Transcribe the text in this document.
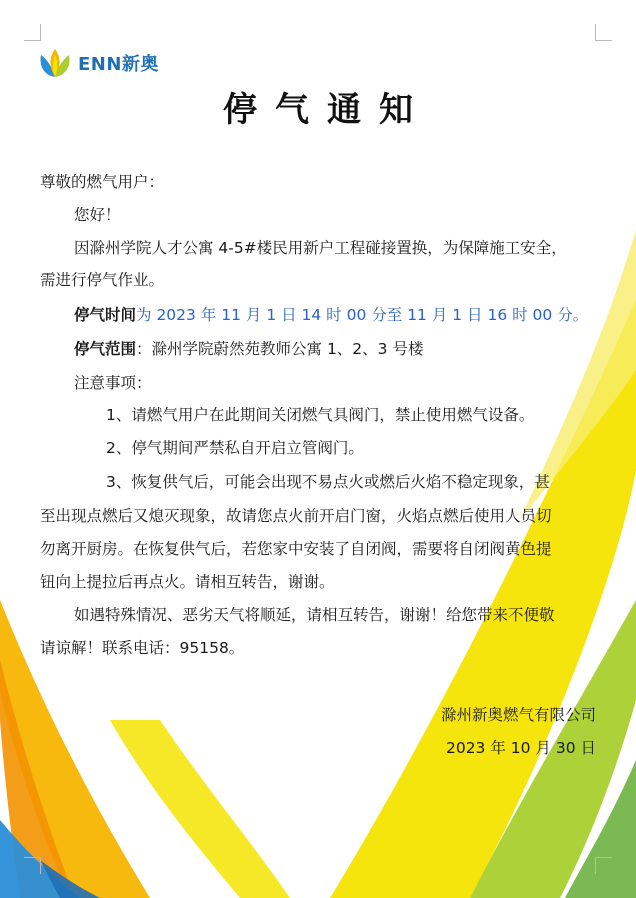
ENN新奥
停气通知
尊敬的燃气用户：
您好！
因滁州学院人才公寓 4-5#楼民用新户工程碰接置换，为保障施工安全，
需进行停气作业。
停气时间为 2023 年 11 月 1 日 14 时 00 分至 11 月 1 日 16 时 00 分。
停气范围：滁州学院蔚然苑教师公寓 1、2、3 号楼
注意事项：
1、请燃气用户在此期间关闭燃气具阀门，禁止使用燃气设备。
2、停气期间严禁私自开启立管阀门。
3、恢复供气后，可能会出现不易点火或燃后火焰不稳定现象，甚
至出现点燃后又熄灭现象，故请您点火前开启门窗，火焰点燃后使用人员切
勿离开厨房。在恢复供气后，若您家中安装了自闭阀，需要将自闭阀黄色提
钮向上提拉后再点火。请相互转告，谢谢。
如遇特殊情况、恶劣天气将顺延，请相互转告，谢谢！给您带来不便敬
请谅解！联系电话：95158。
滁州新奥燃气有限公司
2023 年 10 月 30 日
